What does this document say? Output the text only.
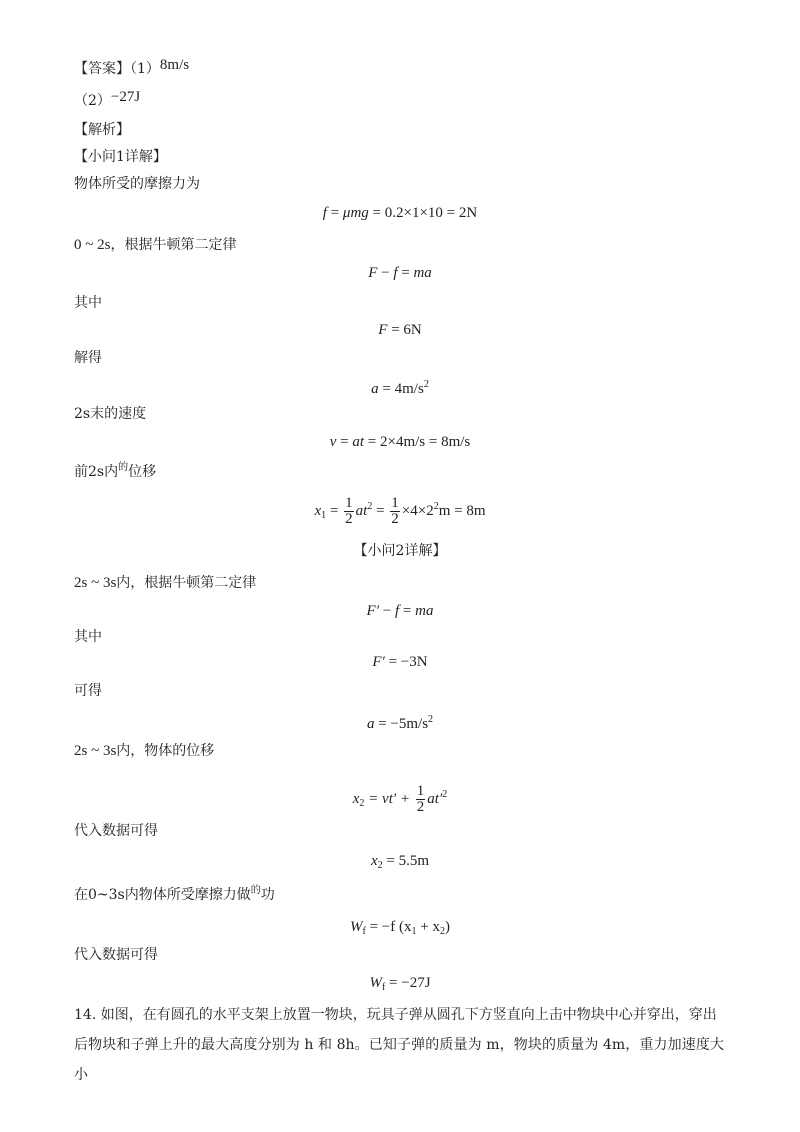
【答案】（1）8m/s
（2）−27J
【解析】
【小问1详解】
物体所受的摩擦力为
f = μmg = 0.2×1×10 = 2N
0 ~ 2s，根据牛顿第二定律
F − f = ma
其中
F = 6N
解得
$a = 4m/s^2$
2s末的速度
v = at = 2×4m/s = 8m/s
前2s内$^的$位移
$x_1 = \frac{1}{2} at^2 = \frac{1}{2} \times 4\times 2^2m = 8m$
【小问2详解】
2s ~ 3s内，根据牛顿第二定律
F′ − f = ma
其中
F′ = −3N
可得
$a = -5m/s^2$
2s ~ 3s内，物体的位移
$x_2 = vt' + \frac{1}{2} at'^2$
代入数据可得
$x_2 = 5.5m$
在0~3s内物体所受摩擦力做$^的$功
$W_f = -f$ $(x_1 + x_2)$
代入数据可得
$W_f = -27J$
14. 如图，在有圆孔的水平支架上放置一物块，玩具子弹从圆孔下方竖直向上击中物块中心并穿出，穿出
后物块和子弹上升的最大高度分别为 h 和 8h。已知子弹的质量为 m，物块的质量为 4m，重力加速度大小
